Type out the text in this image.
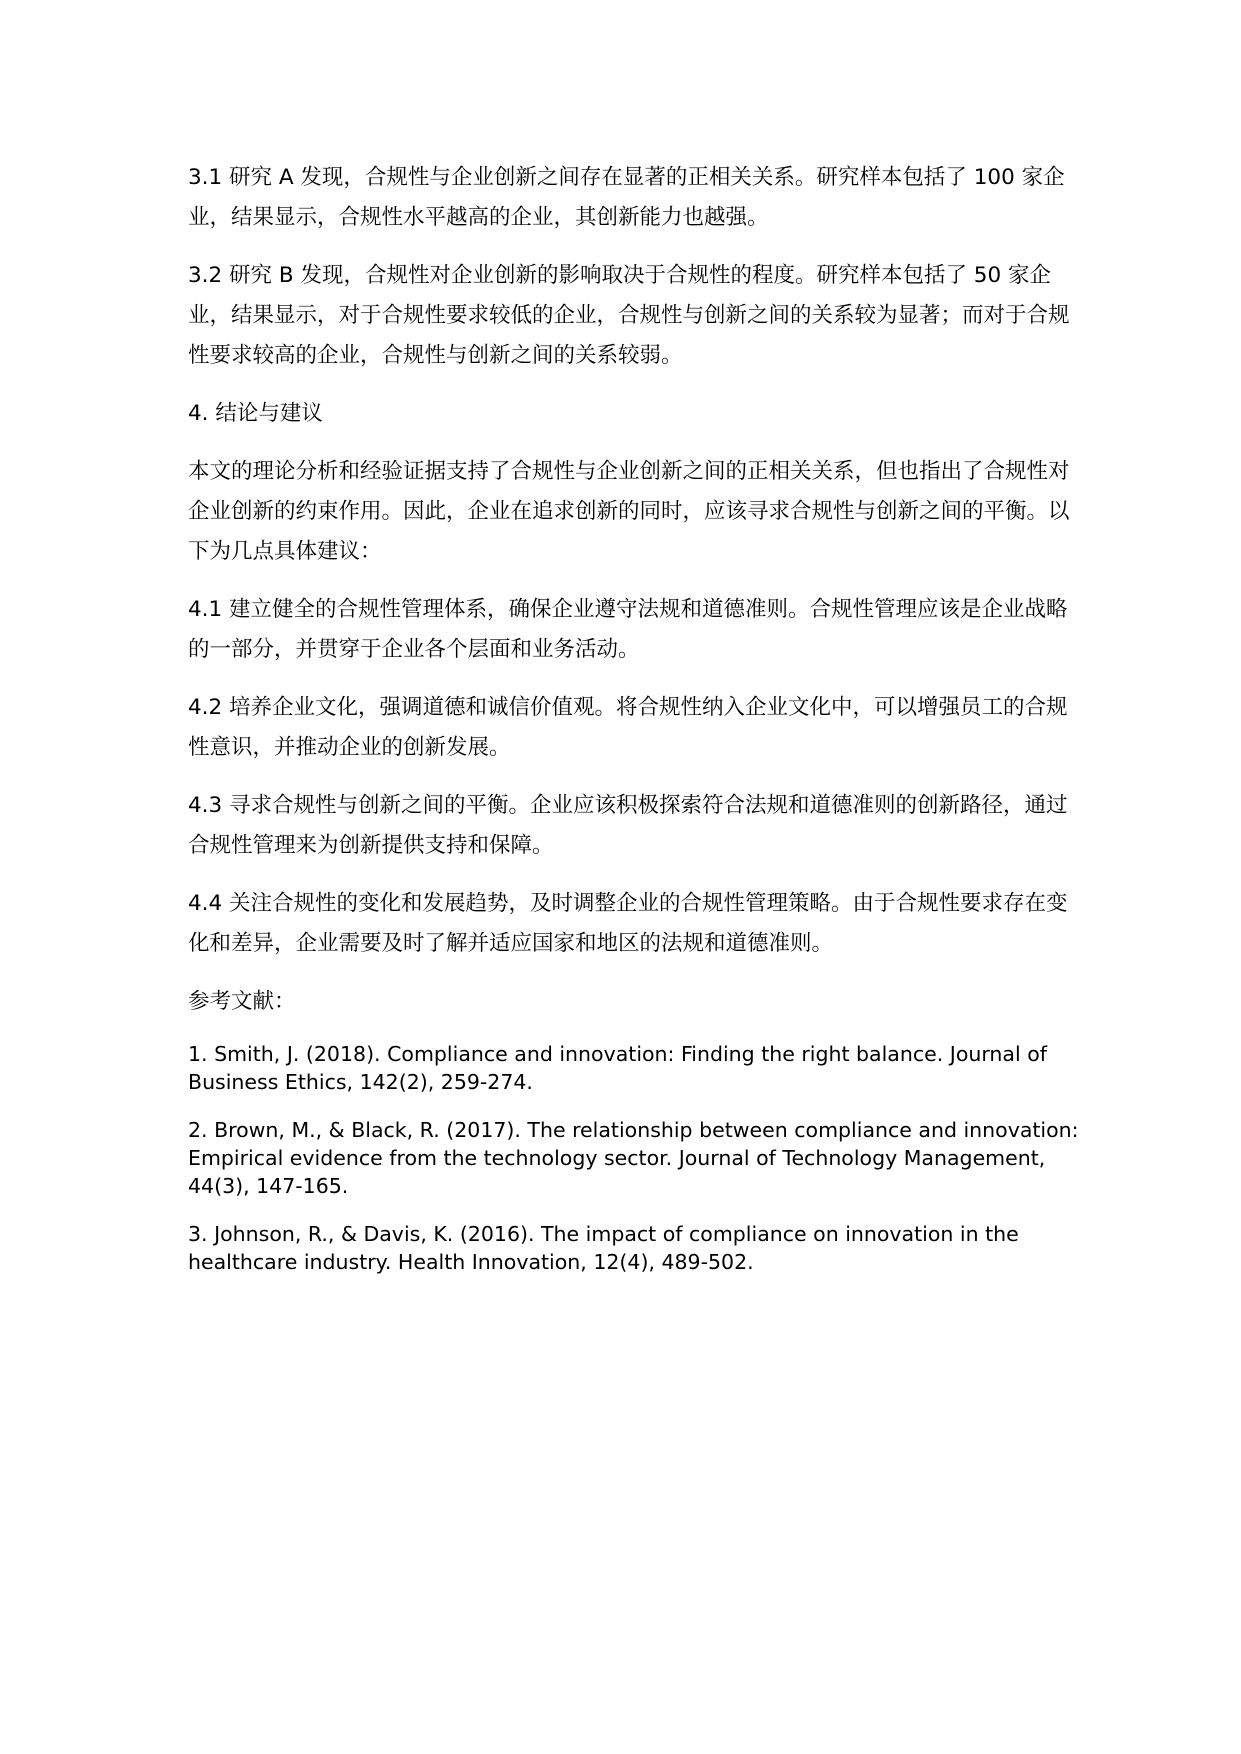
3.1 研究 A 发现，合规性与企业创新之间存在显著的正相关关系。研究样本包括了 100 家企业，结果显示，合规性水平越高的企业，其创新能力也越强。

3.2 研究 B 发现，合规性对企业创新的影响取决于合规性的程度。研究样本包括了 50 家企业，结果显示，对于合规性要求较低的企业，合规性与创新之间的关系较为显著；而对于合规性要求较高的企业，合规性与创新之间的关系较弱。

4. 结论与建议

本文的理论分析和经验证据支持了合规性与企业创新之间的正相关关系，但也指出了合规性对企业创新的约束作用。因此，企业在追求创新的同时，应该寻求合规性与创新之间的平衡。以下为几点具体建议：

4.1 建立健全的合规性管理体系，确保企业遵守法规和道德准则。合规性管理应该是企业战略的一部分，并贯穿于企业各个层面和业务活动。

4.2 培养企业文化，强调道德和诚信价值观。将合规性纳入企业文化中，可以增强员工的合规性意识，并推动企业的创新发展。

4.3 寻求合规性与创新之间的平衡。企业应该积极探索符合法规和道德准则的创新路径，通过合规性管理来为创新提供支持和保障。

4.4 关注合规性的变化和发展趋势，及时调整企业的合规性管理策略。由于合规性要求存在变化和差异，企业需要及时了解并适应国家和地区的法规和道德准则。

参考文献：

1. Smith, J. (2018). Compliance and innovation: Finding the right balance. Journal of Business Ethics, 142(2), 259-274.

2. Brown, M., & Black, R. (2017). The relationship between compliance and innovation: Empirical evidence from the technology sector. Journal of Technology Management, 44(3), 147-165.

3. Johnson, R., & Davis, K. (2016). The impact of compliance on innovation in the healthcare industry. Health Innovation, 12(4), 489-502.
